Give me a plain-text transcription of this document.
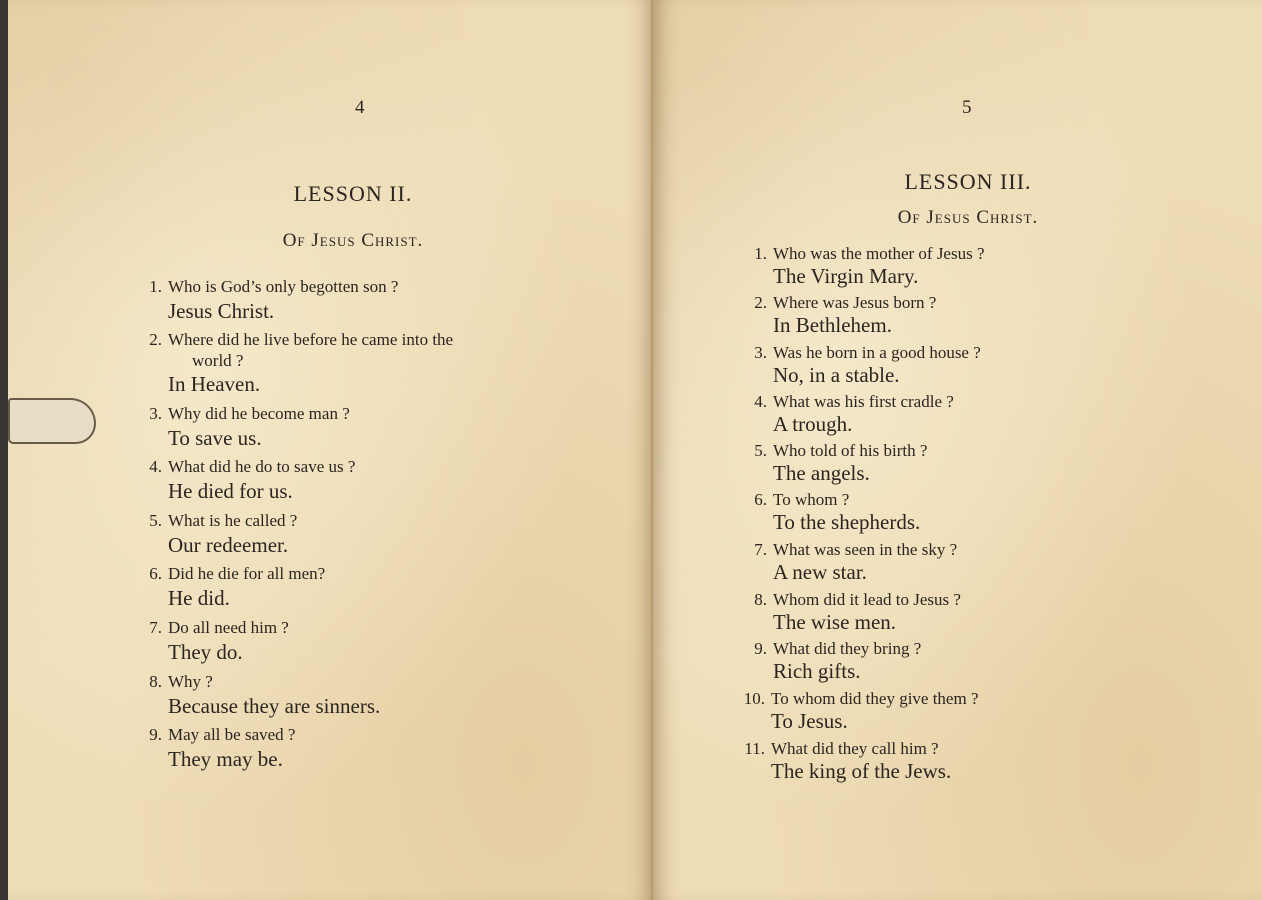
4
LESSON II.
Of Jesus Christ.
1. Who is God’s only begotten son ?
Jesus Christ.
2. Where did he live before he came into the
world ?
In Heaven.
3. Why did he become man ?
To save us.
4. What did he do to save us ?
He died for us.
5. What is he called ?
Our redeemer.
6. Did he die for all men?
He did.
7. Do all need him ?
They do.
8. Why ?
Because they are sinners.
9. May all be saved ?
They may be.
5
LESSON III.
Of Jesus Christ.
1. Who was the mother of Jesus ?
The Virgin Mary.
2. Where was Jesus born ?
In Bethlehem.
3. Was he born in a good house ?
No, in a stable.
4. What was his first cradle ?
A trough.
5. Who told of his birth ?
The angels.
6. To whom ?
To the shepherds.
7. What was seen in the sky ?
A new star.
8. Whom did it lead to Jesus ?
The wise men.
9. What did they bring ?
Rich gifts.
10. To whom did they give them ?
To Jesus.
11. What did they call him ?
The king of the Jews.
